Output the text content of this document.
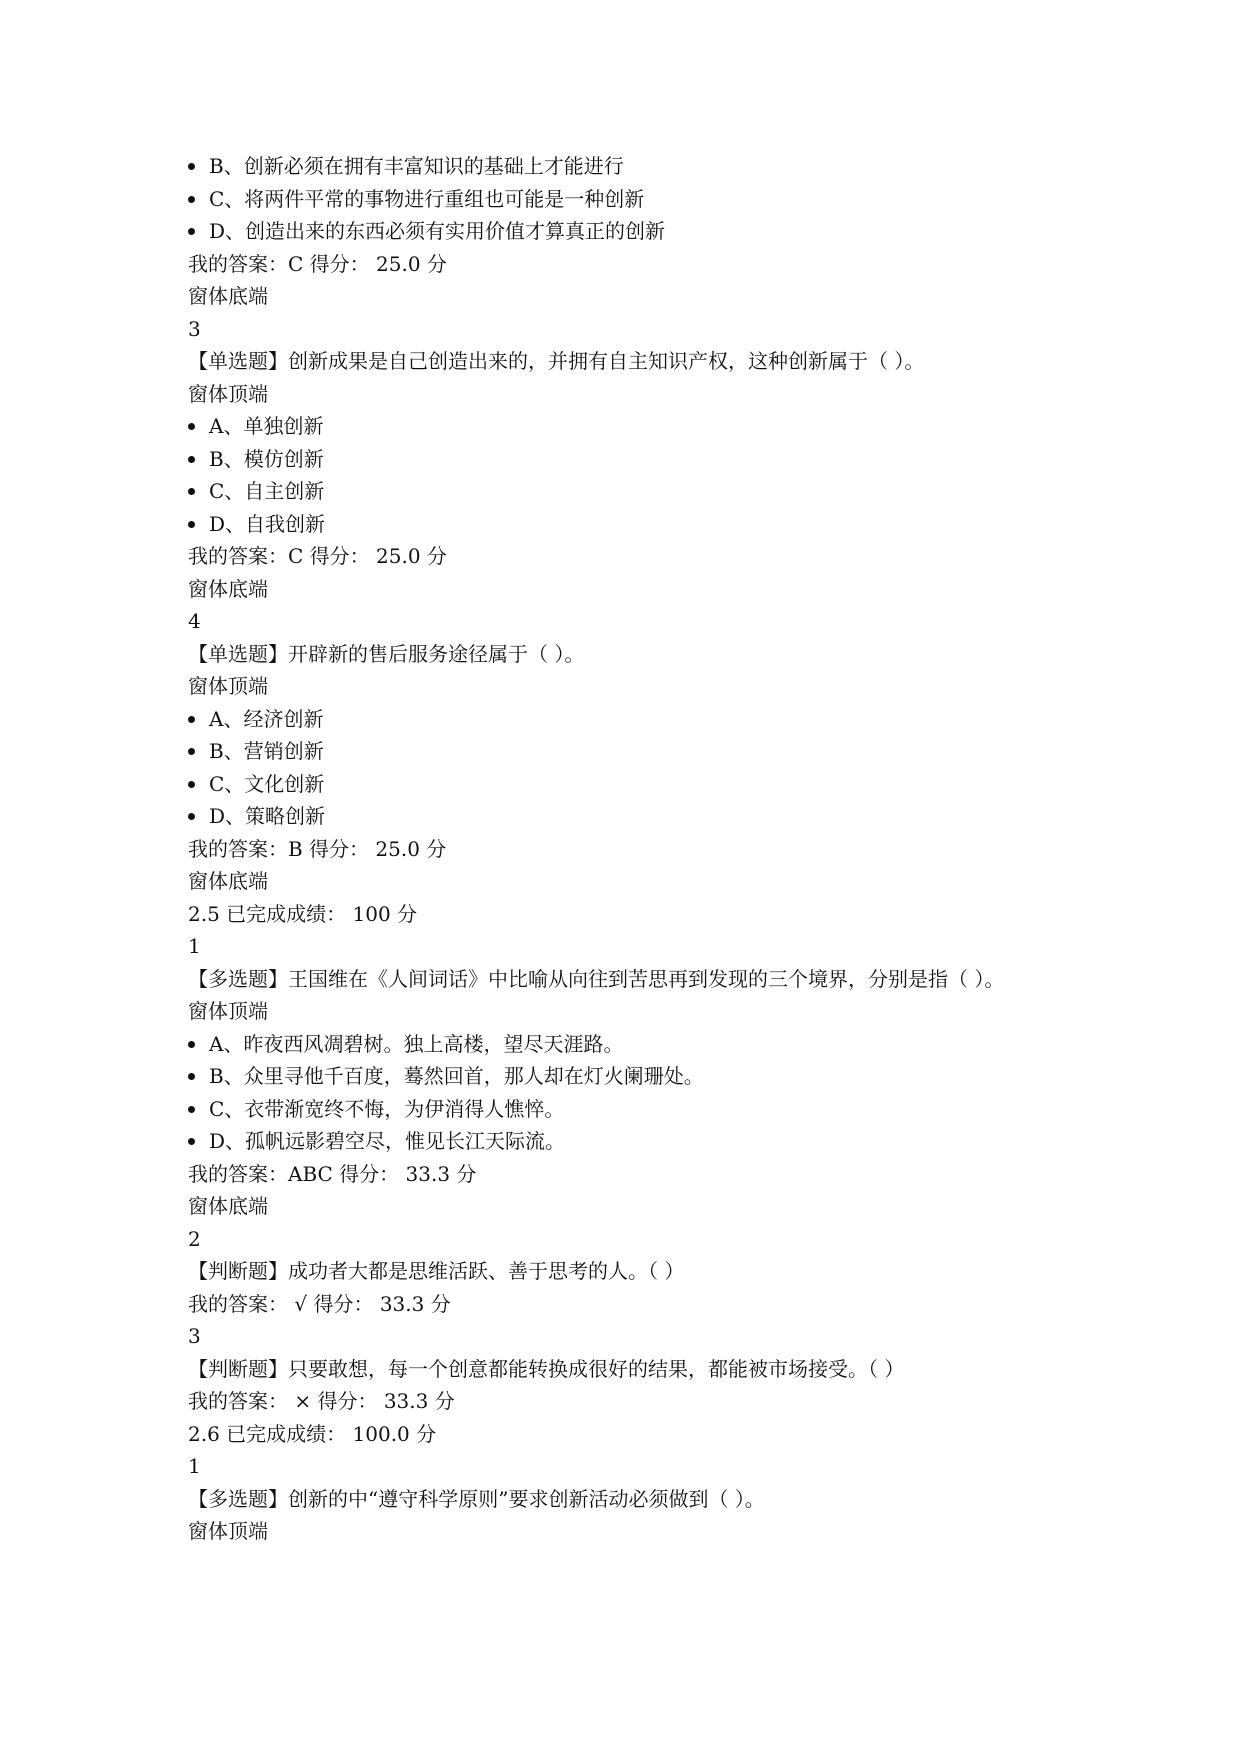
B、创新必须在拥有丰富知识的基础上才能进行
C、将两件平常的事物进行重组也可能是一种创新
D、创造出来的东西必须有实用价值才算真正的创新
我的答案：C 得分： 25.0 分
窗体底端
3
【单选题】创新成果是自己创造出来的，并拥有自主知识产权，这种创新属于（ ）。
窗体顶端
A、单独创新
B、模仿创新
C、自主创新
D、自我创新
我的答案：C 得分： 25.0 分
窗体底端
4
【单选题】开辟新的售后服务途径属于（ ）。
窗体顶端
A、经济创新
B、营销创新
C、文化创新
D、策略创新
我的答案：B 得分： 25.0 分
窗体底端
2.5 已完成成绩： 100 分
1
【多选题】王国维在《人间词话》中比喻从向往到苦思再到发现的三个境界，分别是指（ ）。
窗体顶端
A、昨夜西风凋碧树。独上高楼，望尽天涯路。
B、众里寻他千百度，蓦然回首，那人却在灯火阑珊处。
C、衣带渐宽终不悔，为伊消得人憔悴。
D、孤帆远影碧空尽，惟见长江天际流。
我的答案：ABC 得分： 33.3 分
窗体底端
2
【判断题】成功者大都是思维活跃、善于思考的人。（ ）
我的答案： √ 得分： 33.3 分
3
【判断题】只要敢想，每一个创意都能转换成很好的结果，都能被市场接受。（ ）
我的答案： × 得分： 33.3 分
2.6 已完成成绩： 100.0 分
1
【多选题】创新的中“遵守科学原则”要求创新活动必须做到（ ）。
窗体顶端
